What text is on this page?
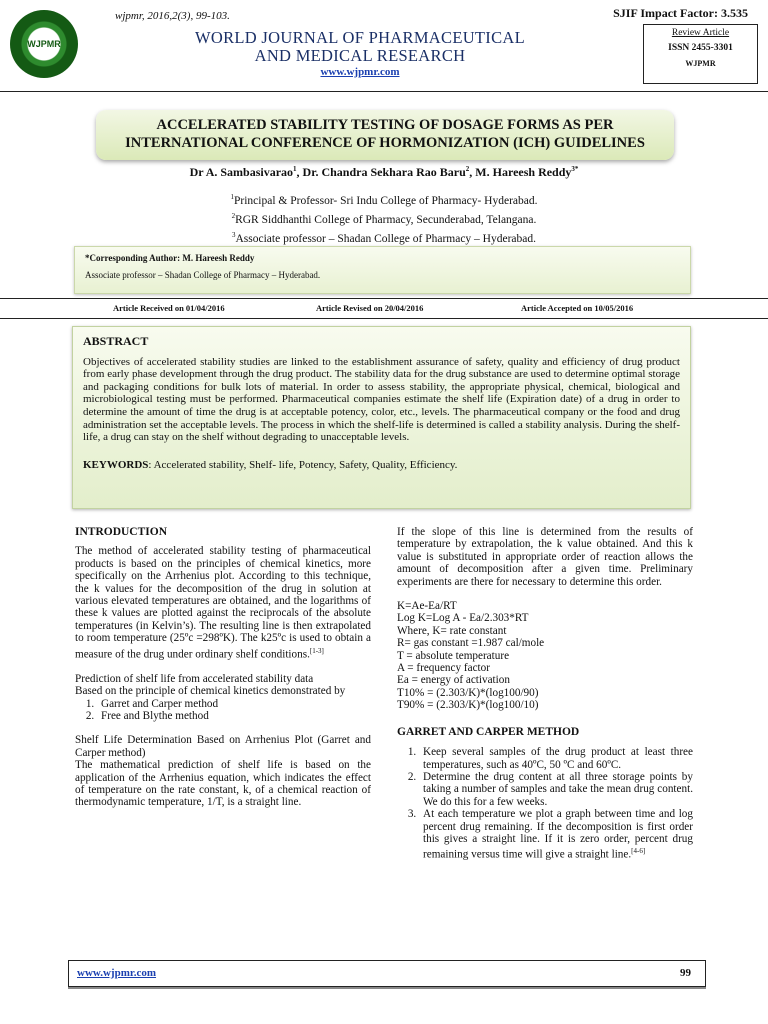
WJPMR
wjpmr, 2016,2(3), 99-103.	SJIF Impact Factor: 3.535
WORLD JOURNAL OF PHARMACEUTICAL
AND MEDICAL RESEARCH
www.wjpmr.com
Review Article
ISSN 2455-3301
WJPMR
ACCELERATED STABILITY TESTING OF DOSAGE FORMS AS PER
INTERNATIONAL CONFERENCE OF HORMONIZATION (ICH) GUIDELINES
Dr A. Sambasivarao$^1$, Dr. Chandra Sekhara Rao Baru$^2$, M. Hareesh Reddy$^{3*}$
$^1$Principal & Professor- Sri Indu College of Pharmacy- Hyderabad.
$^2$RGR Siddhanthi College of Pharmacy, Secunderabad, Telangana.
$^3$Associate professor – Shadan College of Pharmacy – Hyderabad.
*Corresponding Author: M. Hareesh Reddy
Associate professor – Shadan College of Pharmacy – Hyderabad.
Article Received on 01/04/2016	Article Revised on 20/04/2016	Article Accepted on 10/05/2016
ABSTRACT

Objectives of accelerated stability studies are linked to the establishment assurance of safety, quality and efficiency of drug product from early phase development through the drug product. The stability data for the drug substance are used to determine optimal storage and packaging conditions for bulk lots of material. In order to assess stability, the appropriate physical, chemical, biological and microbiological testing must be performed. Pharmaceutical companies estimate the shelf life (Expiration date) of a drug in order to determine the amount of time the drug is at acceptable potency, color, etc., levels. The pharmaceutical company or the food and drug administration set the acceptable levels. The process in which the shelf-life is determined is called a stability analysis. During the shelf-life, a drug can stay on the shelf without degrading to unacceptable levels.

KEYWORDS: Accelerated stability, Shelf- life, Potency, Safety, Quality, Efficiency.

INTRODUCTION

The method of accelerated stability testing of pharmaceutical products is based on the principles of chemical kinetics, more specifically on the Arrhenius plot. According to this technique, the k values for the decomposition of the drug in solution at various elevated temperatures are obtained, and the logarithms of these k values are plotted against the reciprocals of the absolute temperatures (in Kelvin’s). The resulting line is then extrapolated to room temperature (25ºc =298ºK). The k25ºc is used to obtain a measure of the drug under ordinary shelf conditions.[1-3]

Prediction of shelf life from accelerated stability data

Based on the principle of chemical kinetics demonstrated by

1. Garret and Carper method
2. Free and Blythe method

Shelf Life Determination Based on Arrhenius Plot (Garret and Carper method)

The mathematical prediction of shelf life is based on the application of the Arrhenius equation, which indicates the effect of temperature on the rate constant, k, of a chemical reaction of thermodynamic temperature, 1/T, is a straight line.

If the slope of this line is determined from the results of temperature by extrapolation, the k value obtained. And this k value is substituted in appropriate order of reaction allows the amount of decomposition after a given time. Preliminary experiments are there for necessary to determine this order.

K=Ae-Ea/RT
Log K=Log A - Ea/2.303*RT
Where, K= rate constant
R= gas constant =1.987 cal/mole
T = absolute temperature
A = frequency factor
Ea = energy of activation
T10% = (2.303/K)*(log100/90)
T90% = (2.303/K)*(log100/10)
GARRET AND CARPER METHOD
1. Keep several samples of the drug product at least three temperatures, such as 40ºC, 50 ºC and 60ºC.
2. Determine the drug content at all three storage points by taking a number of samples and take the mean drug content. We do this for a few weeks.
3. At each temperature we plot a graph between time and log percent drug remaining. If the decomposition is first order this gives a straight line. If it is zero order, percent drug remaining versus time will give a straight line.[4-6]
www.wjpmr.com	99
